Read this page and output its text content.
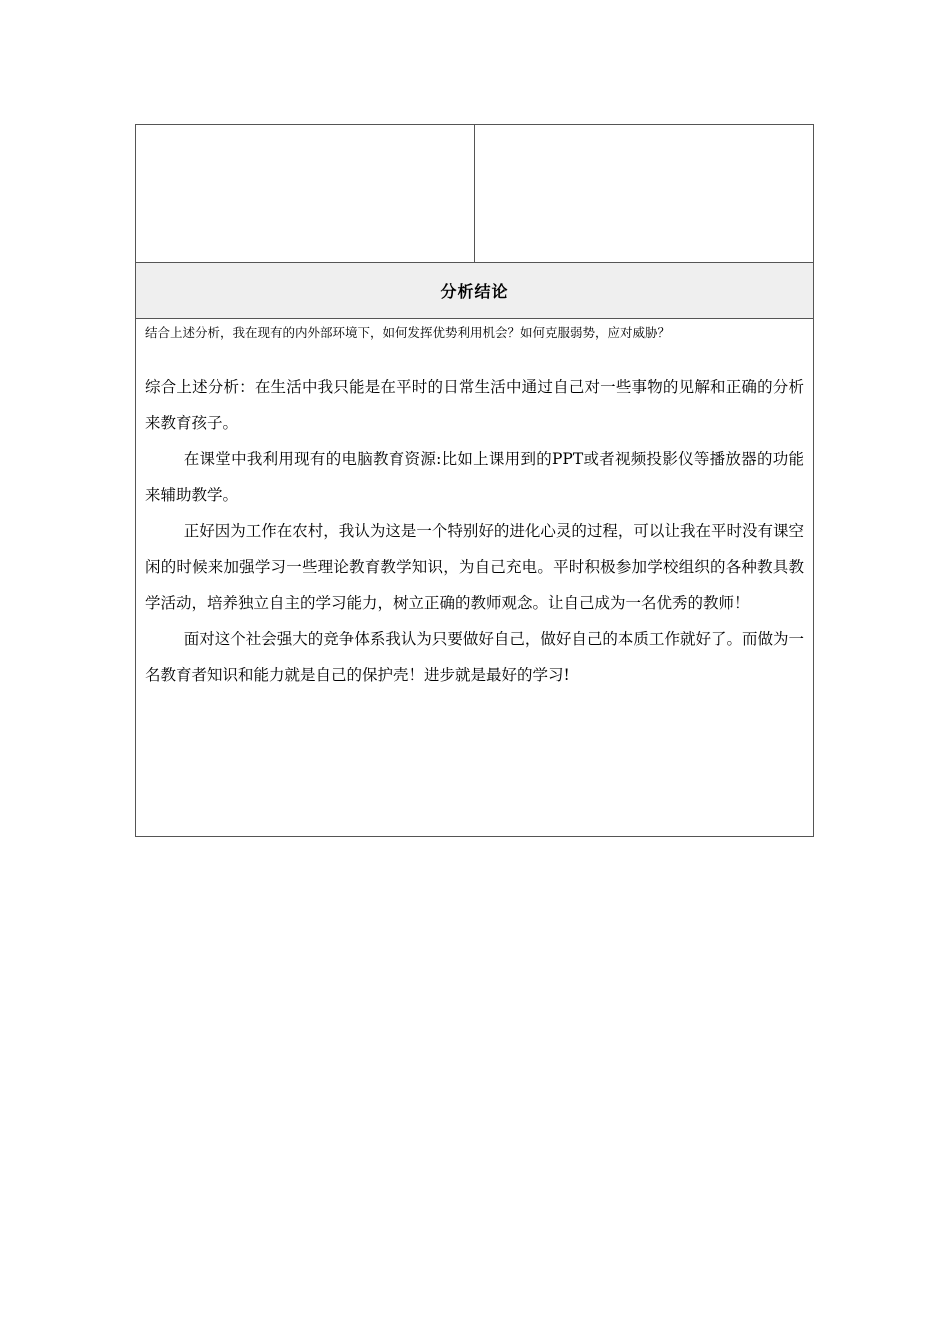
分析结论

结合上述分析，我在现有的内外部环境下，如何发挥优势利用机会？如何克服弱势，应对威胁？

综合上述分析：在生活中我只能是在平时的日常生活中通过自己对一些事物的见解和正确的分析来教育孩子。

在课堂中我利用现有的电脑教育资源:比如上课用到的PPT或者视频投影仪等播放器的功能来辅助教学。

正好因为工作在农村，我认为这是一个特别好的进化心灵的过程，可以让我在平时没有课空闲的时候来加强学习一些理论教育教学知识，为自己充电。平时积极参加学校组织的各种教具教学活动，培养独立自主的学习能力，树立正确的教师观念。让自己成为一名优秀的教师！

面对这个社会强大的竞争体系我认为只要做好自己，做好自己的本质工作就好了。而做为一名教育者知识和能力就是自己的保护壳！进步就是最好的学习!
